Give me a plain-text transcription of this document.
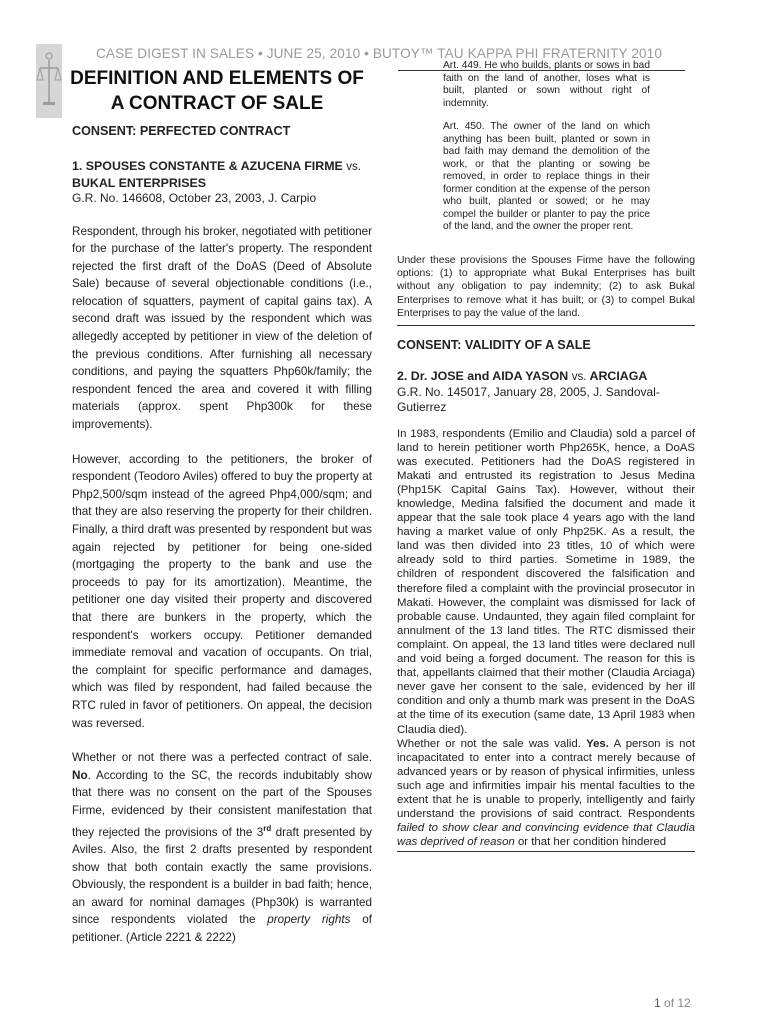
CASE DIGEST IN SALES • JUNE 25, 2010 • BUTOY™ TAU KAPPA PHI FRATERNITY 2010
DEFINITION AND ELEMENTS OF
A CONTRACT OF SALE
CONSENT: PERFECTED CONTRACT
1. SPOUSES CONSTANTE & AZUCENA FIRME vs.
BUKAL ENTERPRISES
G.R. No. 146608, October 23, 2003, J. Carpio

Respondent, through his broker, negotiated with petitioner for the purchase of the latter's property. The respondent rejected the first draft of the DoAS (Deed of Absolute Sale) because of several objectionable conditions (i.e., relocation of squatters, payment of capital gains tax). A second draft was issued by the respondent which was allegedly accepted by petitioner in view of the deletion of the previous conditions. After furnishing all necessary conditions, and paying the squatters Php60k/family; the respondent fenced the area and covered it with filling materials (approx. spent Php300k for these improvements).

However, according to the petitioners, the broker of respondent (Teodoro Aviles) offered to buy the property at Php2,500/sqm instead of the agreed Php4,000/sqm; and that they are also reserving the property for their children. Finally, a third draft was presented by respondent but was again rejected by petitioner for being one-sided (mortgaging the property to the bank and use the proceeds to pay for its amortization). Meantime, the petitioner one day visited their property and discovered that there are bunkers in the property, which the respondent's workers occupy. Petitioner demanded immediate removal and vacation of occupants. On trial, the complaint for specific performance and damages, which was filed by respondent, had failed because the RTC ruled in favor of petitioners. On appeal, the decision was reversed.

Whether or not there was a perfected contract of sale. No. According to the SC, the records indubitably show that there was no consent on the part of the Spouses Firme, evidenced by their consistent manifestation that they rejected the provisions of the 3rd draft presented by Aviles. Also, the first 2 drafts presented by respondent show that both contain exactly the same provisions. Obviously, the respondent is a builder in bad faith; hence, an award for nominal damages (Php30k) is warranted since respondents violated the property rights of petitioner. (Article 2221 & 2222)

Art. 449. He who builds, plants or sows in bad faith on the land of another, loses what is built, planted or sown without right of indemnity.

Art. 450. The owner of the land on which anything has been built, planted or sown in bad faith may demand the demolition of the work, or that the planting or sowing be removed, in order to replace things in their former condition at the expense of the person who built, planted or sowed; or he may compel the builder or planter to pay the price of the land, and the owner the proper rent.

Under these provisions the Spouses Firme have the following options: (1) to appropriate what Bukal Enterprises has built without any obligation to pay indemnity; (2) to ask Bukal Enterprises to remove what it has built; or (3) to compel Bukal Enterprises to pay the value of the land.

CONSENT: VALIDITY OF A SALE
2. Dr. JOSE and AIDA YASON vs. ARCIAGA
G.R. No. 145017, January 28, 2005, J. Sandoval-Gutierrez

In 1983, respondents (Emilio and Claudia) sold a parcel of land to herein petitioner worth Php265K, hence, a DoAS was executed. Petitioners had the DoAS registered in Makati and entrusted its registration to Jesus Medina (Php15K Capital Gains Tax). However, without their knowledge, Medina falsified the document and made it appear that the sale took place 4 years ago with the land having a market value of only Php25K. As a result, the land was then divided into 23 titles, 10 of which were already sold to third parties. Sometime in 1989, the children of respondent discovered the falsification and therefore filed a complaint with the provincial prosecutor in Makati. However, the complaint was dismissed for lack of probable cause. Undaunted, they again filed complaint for annulment of the 13 land titles. The RTC dismissed their complaint. On appeal, the 13 land titles were declared null and void being a forged document. The reason for this is that, appellants claimed that their mother (Claudia Arciaga) never gave her consent to the sale, evidenced by her ill condition and only a thumb mark was present in the DoAS at the time of its execution (same date, 13 April 1983 when Claudia died).

Whether or not the sale was valid. Yes. A person is not incapacitated to enter into a contract merely because of advanced years or by reason of physical infirmities, unless such age and infirmities impair his mental faculties to the extent that he is unable to properly, intelligently and fairly understand the provisions of said contract. Respondents failed to show clear and convincing evidence that Claudia was deprived of reason or that her condition hindered

1 of 12
